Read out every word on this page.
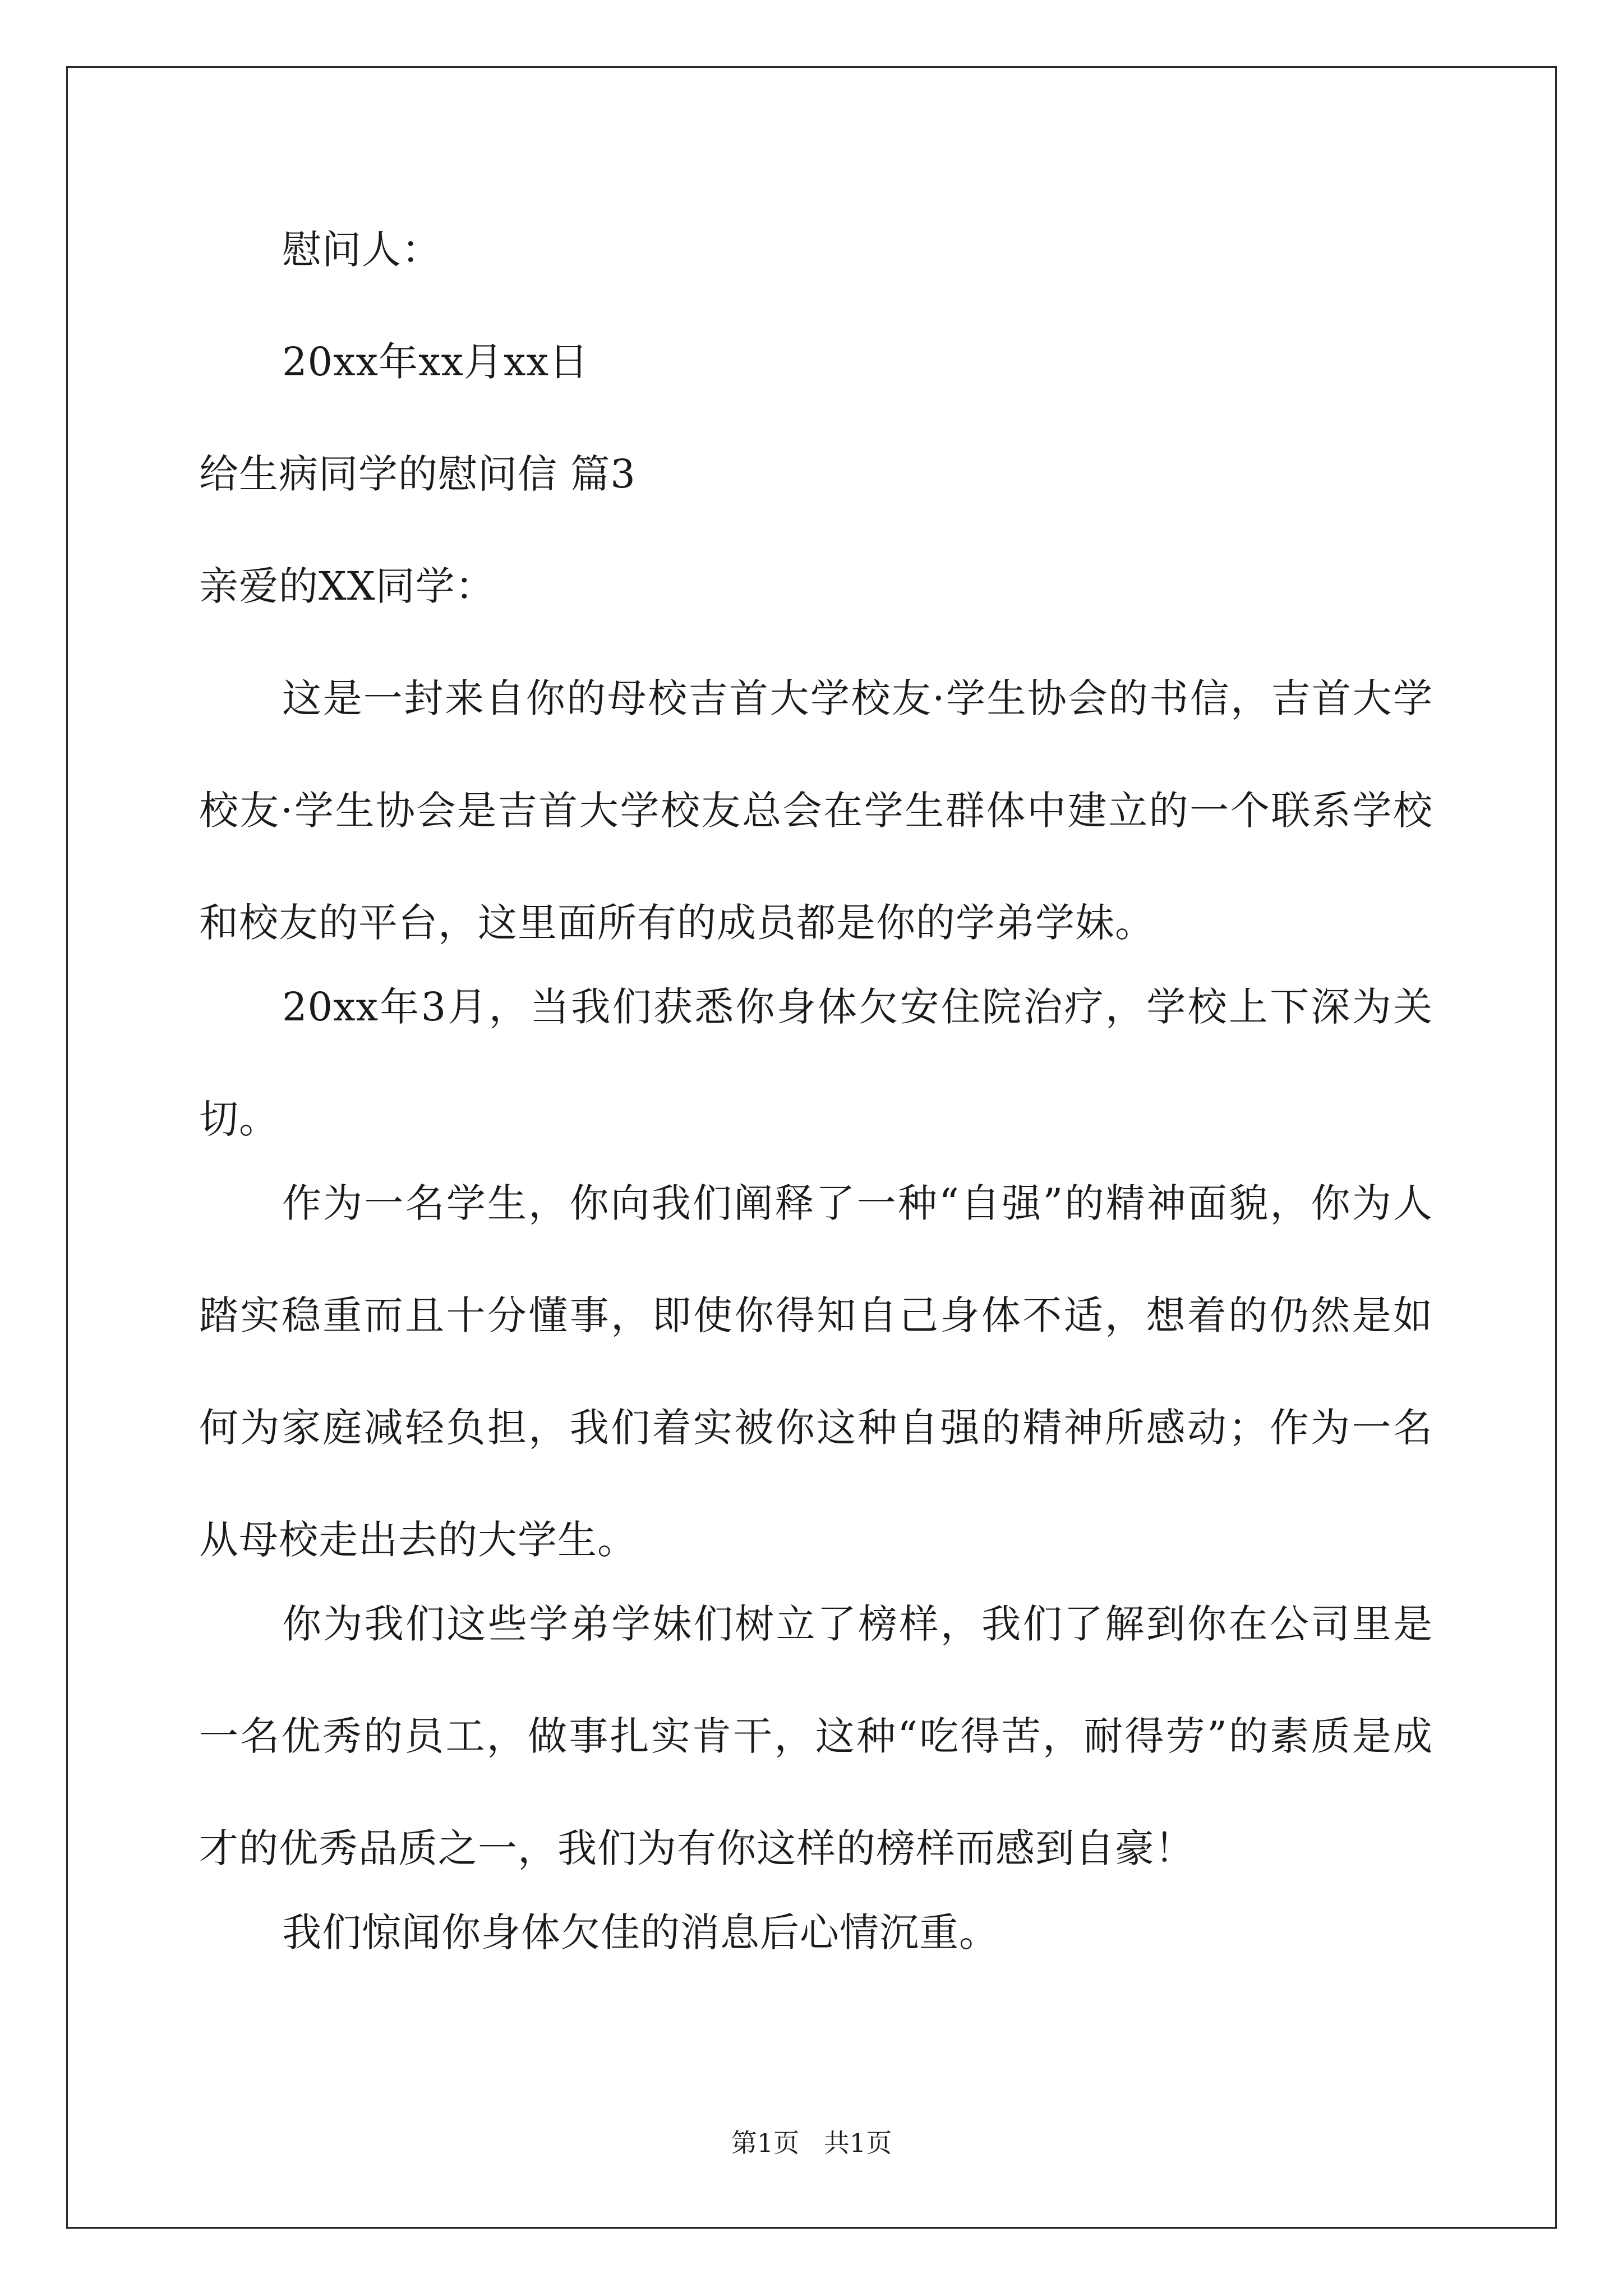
慰问人：

20xx年xx月xx日

给生病同学的慰问信 篇3

亲爱的XX同学：

这是一封来自你的母校吉首大学校友·学生协会的书信，吉首大学校友·学生协会是吉首大学校友总会在学生群体中建立的一个联系学校和校友的平台，这里面所有的成员都是你的学弟学妹。

20xx年3月，当我们获悉你身体欠安住院治疗，学校上下深为关切。

作为一名学生，你向我们阐释了一种“自强”的精神面貌，你为人踏实稳重而且十分懂事，即使你得知自己身体不适，想着的仍然是如何为家庭减轻负担，我们着实被你这种自强的精神所感动；作为一名从母校走出去的大学生。

你为我们这些学弟学妹们树立了榜样，我们了解到你在公司里是一名优秀的员工，做事扎实肯干，这种“吃得苦，耐得劳”的素质是成才的优秀品质之一，我们为有你这样的榜样而感到自豪！

我们惊闻你身体欠佳的消息后心情沉重。

第1页   共1页
